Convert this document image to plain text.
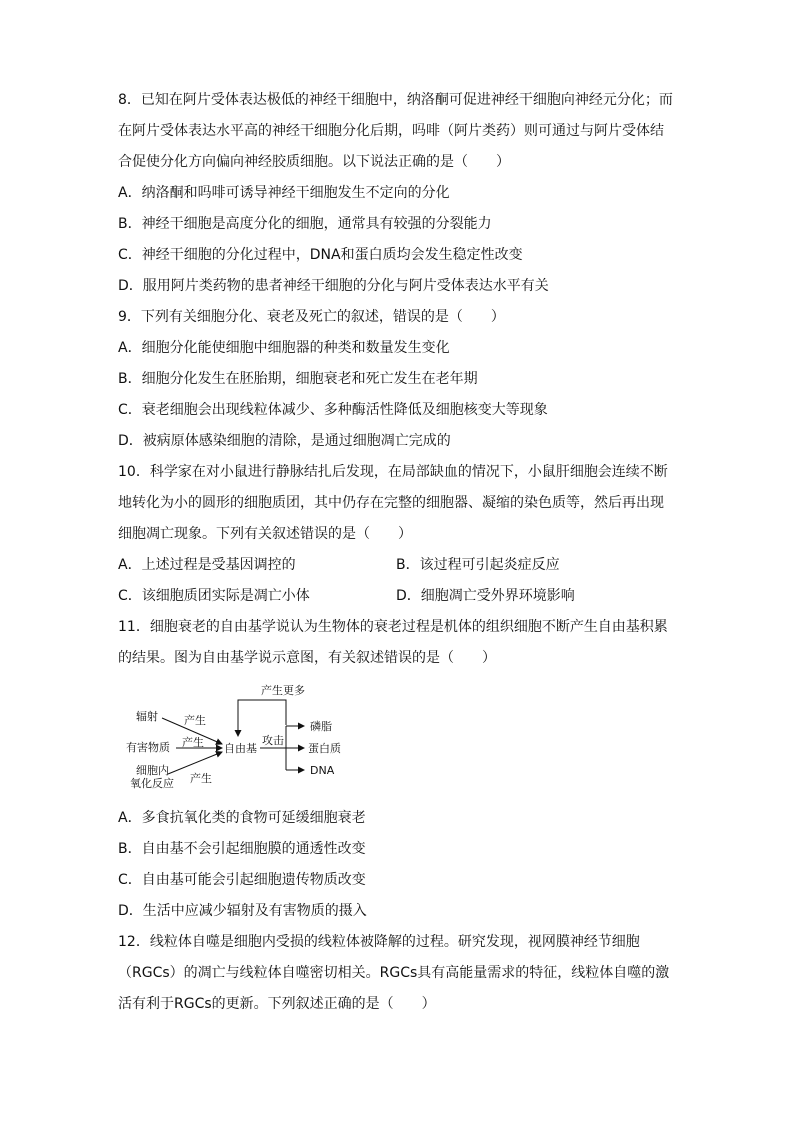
8．已知在阿片受体表达极低的神经干细胞中，纳洛酮可促进神经干细胞向神经元分化；而
在阿片受体表达水平高的神经干细胞分化后期，吗啡（阿片类药）则可通过与阿片受体结
合促使分化方向偏向神经胶质细胞。以下说法正确的是（　　）
A．纳洛酮和吗啡可诱导神经干细胞发生不定向的分化
B．神经干细胞是高度分化的细胞，通常具有较强的分裂能力
C．神经干细胞的分化过程中，DNA和蛋白质均会发生稳定性改变
D．服用阿片类药物的患者神经干细胞的分化与阿片受体表达水平有关
9．下列有关细胞分化、衰老及死亡的叙述，错误的是（　　）
A．细胞分化能使细胞中细胞器的种类和数量发生变化
B．细胞分化发生在胚胎期，细胞衰老和死亡发生在老年期
C．衰老细胞会出现线粒体减少、多种酶活性降低及细胞核变大等现象
D．被病原体感染细胞的清除，是通过细胞凋亡完成的
10．科学家在对小鼠进行静脉结扎后发现，在局部缺血的情况下，小鼠肝细胞会连续不断
地转化为小的圆形的细胞质团，其中仍存在完整的细胞器、凝缩的染色质等，然后再出现
细胞凋亡现象。下列有关叙述错误的是（　　）
A．上述过程是受基因调控的	B．该过程可引起炎症反应
C．该细胞质团实际是凋亡小体	D．细胞凋亡受外界环境影响
11．细胞衰老的自由基学说认为生物体的衰老过程是机体的组织细胞不断产生自由基积累
的结果。图为自由基学说示意图，有关叙述错误的是（　　）
产生更多
辐射
有害物质
细胞内
氧化反应
产生
产生
产生
自由基
攻击
磷脂
蛋白质
DNA
A．多食抗氧化类的食物可延缓细胞衰老
B．自由基不会引起细胞膜的通透性改变
C．自由基可能会引起细胞遗传物质改变
D．生活中应减少辐射及有害物质的摄入
12．线粒体自噬是细胞内受损的线粒体被降解的过程。研究发现，视网膜神经节细胞
（RGCs）的凋亡与线粒体自噬密切相关。RGCs具有高能量需求的特征，线粒体自噬的激
活有利于RGCs的更新。下列叙述正确的是（　　）
